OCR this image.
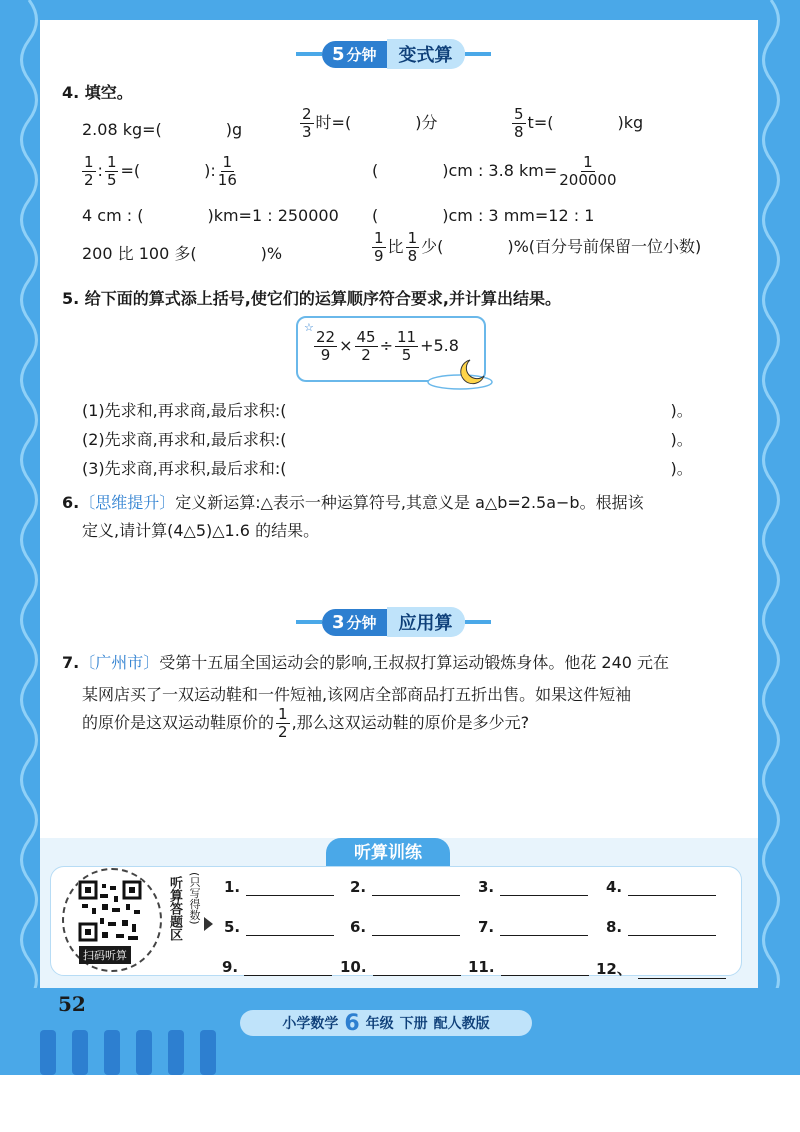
5 分钟	变式算
4. 填空。
2.08 kg=(　　　　)g	$\frac{2}{3}$ 时=(　　　　)分	$\frac{5}{8} t=$(　　　　)kg
$\frac{1}{2}$ : $\frac{1}{5}$ =(　　　　): $\frac{1}{16}$	(　　　　)cm : 3.8 $km= \frac{1}{200000}$
4 cm : (　　　　)km=1 : 250000 (　　　　)cm : 3 mm=12 : 1
200 比 100 多(　　　　)%	$\frac{1}{9}$ 比 $\frac{1}{8}$ 少(　　　　)%(百分号前保留一位小数)
5. 给下面的算式添上括号,使它们的运算顺序符合要求,并计算出结果。
☆
$\frac{22}{9} \times \frac{45}{2} \div \frac{11}{5} +5.8$
(1)先求和,再求商,最后求积:(　　　　　　　　　　　　　　　　　　　　　　　　)。
(2)先求商,再求和,最后求积:(　　　　　　　　　　　　　　　　　　　　　　　　)。
(3)先求商,再求积,最后求和:(　　　　　　　　　　　　　　　　　　　　　　　　)。
6.〔思维提升〕定义新运算:△表示一种运算符号,其意义是 a△b=2.5a−b。根据该
定义,请计算(4△5)△1.6 的结果。
3 分钟	应用算
7.〔广州市〕受第十五届全国运动会的影响,王叔叔打算运动锻炼身体。他花 240 元在
某网店买了一双运动鞋和一件短袖,该网店全部商品打五折出售。如果这件短袖
的原价是这双运动鞋原价的 $\frac{1}{2}$ ,那么这双运动鞋的原价是多少元?
听算训练
扫码听算
听算答题区 (只写得数) 1.	2.	3.	4.
5.	6.	7.	8.
9.	10.	11.	12、
52
小学数学 6 年级 下册 配人教版
